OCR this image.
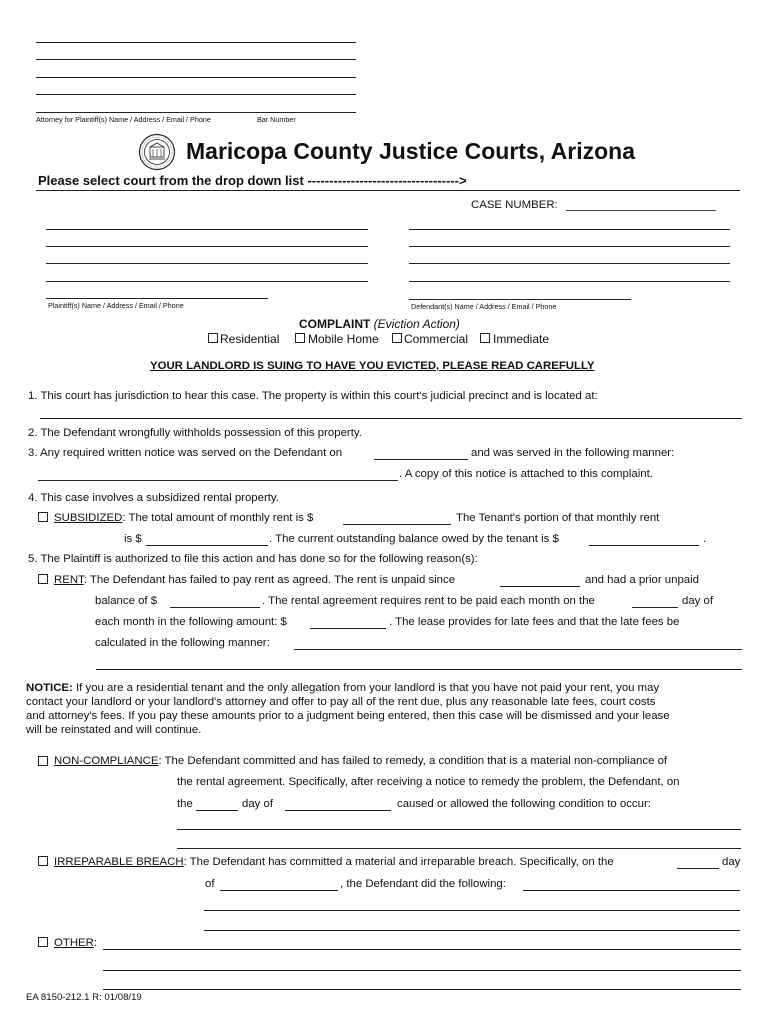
Attorney for Plaintiff(s) Name / Address / Email / Phone	Bar Number
Maricopa County Justice Courts, Arizona
Please select court from the drop down list ----------------------------------->
CASE NUMBER:
Plaintiff(s) Name / Address / Email / Phone	Defendant(s) Name / Address / Email / Phone
COMPLAINT (Eviction Action)
Residential Mobile Home Commercial Immediate
YOUR LANDLORD IS SUING TO HAVE YOU EVICTED, PLEASE READ CAREFULLY
1. This court has jurisdiction to hear this case. The property is within this court's judicial precinct and is located at:
2. The Defendant wrongfully withholds possession of this property.
3. Any required written notice was served on the Defendant on	and was served in the following manner:
. A copy of this notice is attached to this complaint.
4. This case involves a subsidized rental property.
SUBSIDIZED: The total amount of monthly rent is $	The Tenant's portion of that monthly rent
is $	. The current outstanding balance owed by the tenant is $	.
5. The Plaintiff is authorized to file this action and has done so for the following reason(s):
RENT: The Defendant has failed to pay rent as agreed. The rent is unpaid since	and had a prior unpaid
balance of $	. The rental agreement requires rent to be paid each month on the	day of
each month in the following amount: $	. The lease provides for late fees and that the late fees be
calculated in the following manner:
NOTICE: If you are a residential tenant and the only allegation from your landlord is that you have not paid your rent, you may
contact your landlord or your landlord's attorney and offer to pay all of the rent due, plus any reasonable late fees, court costs
and attorney's fees. If you pay these amounts prior to a judgment being entered, then this case will be dismissed and your lease
will be reinstated and will continue.
NON-COMPLIANCE: The Defendant committed and has failed to remedy, a condition that is a material non-compliance of
the rental agreement. Specifically, after receiving a notice to remedy the problem, the Defendant, on
the	day of	caused or allowed the following condition to occur:
IRREPARABLE BREACH: The Defendant has committed a material and irreparable breach. Specifically, on the	day
of	, the Defendant did the following:
OTHER:
EA 8150-212.1 R: 01/08/19
